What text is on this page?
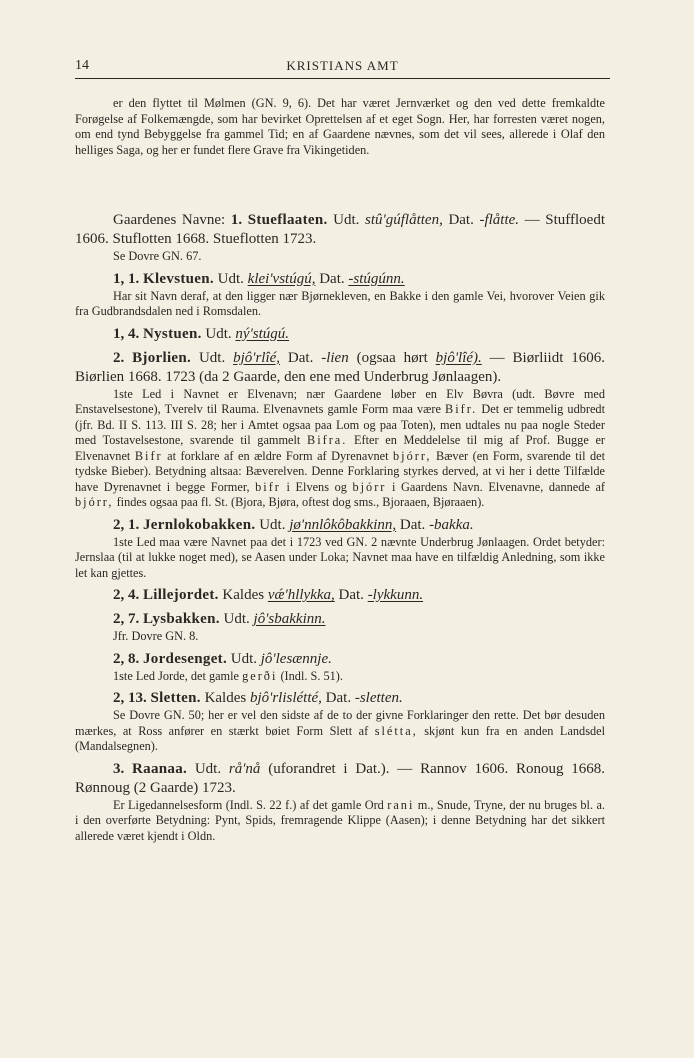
14	KRISTIANS AMT

er den flyttet til Mølmen (GN. 9, 6). Det har været Jernværket og den ved dette fremkaldte Forøgelse af Folkemængde, som har bevirket Oprettelsen af et eget Sogn. Her, har forresten været nogen, om end tynd Bebyggelse fra gammel Tid; en af Gaardene nævnes, som det vil sees, allerede i Olaf den helliges Saga, og her er fundet flere Grave fra Vikingetiden.

Gaardenes Navne: 1. Stueflaaten. Udt. stû'gúflåtten, Dat. -flåtte. — Stuffloedt 1606. Stuflotten 1668. Stueflotten 1723.

Se Dovre GN. 67.

1, 1. Klevstuen. Udt. klei'vstúgú, Dat. -stúgúnn.

Har sit Navn deraf, at den ligger nær Bjørnekleven, en Bakke i den gamle Vei, hvorover Veien gik fra Gudbrandsdalen ned i Romsdalen.

1, 4. Nystuen. Udt. ný'stúgú.

2. Bjorlien. Udt. bjô'rlîé, Dat. -lien (ogsaa hørt bjô'lîé). — Biørliidt 1606. Biørlien 1668. 1723 (da 2 Gaarde, den ene med Underbrug Jønlaagen).

1ste Led i Navnet er Elvenavn; nær Gaardene løber en Elv Bøvra (udt. Bøvre med Enstavelsestone), Tverelv til Rauma. Elvenavnets gamle Form maa være Bifr. Det er temmelig udbredt (jfr. Bd. II S. 113. III S. 28; her i Amtet ogsaa paa Lom og paa Toten), men udtales nu paa nogle Steder med Tostavelsestone, svarende til gammelt Bifra. Efter en Meddelelse til mig af Prof. Bugge er Elvenavnet Bifr at forklare af en ældre Form af Dyrenavnet bjórr, Bæver (en Form, svarende til det tydske Bieber). Betydning altsaa: Bæverelven. Denne Forklaring styrkes derved, at vi her i dette Tilfælde have Dyrenavnet i begge Former, bifr i Elvens og bjórr i Gaardens Navn. Elvenavne, dannede af bjórr, findes ogsaa paa fl. St. (Bjora, Bjøra, oftest dog sms., Bjoraaen, Bjøraaen).

2, 1. Jernlokobakken. Udt. jø'nnlôkôbakkinn, Dat. -bakka.

1ste Led maa være Navnet paa det i 1723 ved GN. 2 nævnte Underbrug Jønlaagen. Ordet betyder: Jernslaa (til at lukke noget med), se Aasen under Loka; Navnet maa have en tilfældig Anledning, som ikke let kan gjettes.

2, 4. Lillejordet. Kaldes vǽ'hllykka, Dat. -lykkunn.

2, 7. Lysbakken. Udt. jô'sbakkinn.

Jfr. Dovre GN. 8.

2, 8. Jordesenget. Udt. jô'lesænnje.

1ste Led Jorde, det gamle gerði (Indl. S. 51).

2, 13. Sletten. Kaldes bjô'rlislétté, Dat. -sletten.

Se Dovre GN. 50; her er vel den sidste af de to der givne Forklaringer den rette. Det bør desuden mærkes, at Ross anfører en stærkt bøiet Form Slett af slétta, skjønt kun fra en anden Landsdel (Mandalsegnen).

3. Raanaa. Udt. rå'nå (uforandret i Dat.). — Rannov 1606. Ronoug 1668. Rønnoug (2 Gaarde) 1723.

Er Ligedannelsesform (Indl. S. 22 f.) af det gamle Ord rani m., Snude, Tryne, der nu bruges bl. a. i den overførte Betydning: Pynt, Spids, fremragende Klippe (Aasen); i denne Betydning har det sikkert allerede været kjendt i Oldn.
